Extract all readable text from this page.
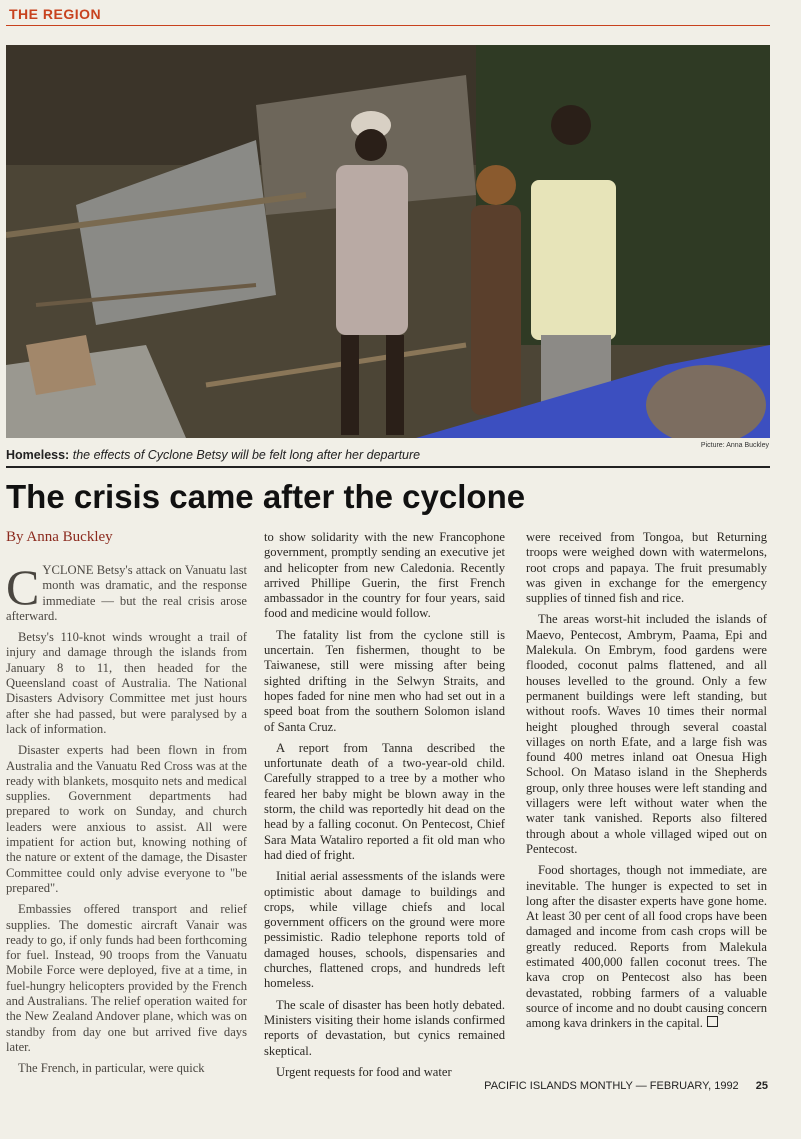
THE REGION
Picture: Anna Buckley
Homeless: the effects of Cyclone Betsy will be felt long after her departure
The crisis came after the cyclone
By Anna Buckley

CYCLONE Betsy's attack on Vanuatu last month was dramatic, and the response immediate — but the real crisis arose afterward.

Betsy's 110-knot winds wrought a trail of injury and damage through the islands from January 8 to 11, then headed for the Queensland coast of Australia. The National Disasters Advisory Committee met just hours after she had passed, but were paralysed by a lack of information.

Disaster experts had been flown in from Australia and the Vanuatu Red Cross was at the ready with blankets, mosquito nets and medical supplies. Government departments had prepared to work on Sunday, and church leaders were anxious to assist. All were impatient for action but, knowing nothing of the nature or extent of the damage, the Disaster Committee could only advise everyone to "be prepared".

Embassies offered transport and relief supplies. The domestic aircraft Vanair was ready to go, if only funds had been forthcoming for fuel. Instead, 90 troops from the Vanuatu Mobile Force were deployed, five at a time, in fuel-hungry helicopters provided by the French and Australians. The relief operation waited for the New Zealand Andover plane, which was on standby from day one but arrived five days later.

The French, in particular, were quick

to show solidarity with the new Francophone government, promptly sending an executive jet and helicopter from new Caledonia. Recently arrived Phillipe Guerin, the first French ambassador in the country for four years, said food and medicine would follow.

The fatality list from the cyclone still is uncertain. Ten fishermen, thought to be Taiwanese, still were missing after being sighted drifting in the Selwyn Straits, and hopes faded for nine men who had set out in a speed boat from the southern Solomon island of Santa Cruz.

A report from Tanna described the unfortunate death of a two-year-old child. Carefully strapped to a tree by a mother who feared her baby might be blown away in the storm, the child was reportedly hit dead on the head by a falling coconut. On Pentecost, Chief Sara Mata Wataliro reported a fit old man who had died of fright.

Initial aerial assessments of the islands were optimistic about damage to buildings and crops, while village chiefs and local government officers on the ground were more pessimistic. Radio telephone reports told of damaged houses, schools, dispensaries and churches, flattened crops, and hundreds left homeless.

The scale of disaster has been hotly debated. Ministers visiting their home islands confirmed reports of devastation, but cynics remained skeptical.

Urgent requests for food and water

were received from Tongoa, but Returning troops were weighed down with watermelons, root crops and papaya. The fruit presumably was given in exchange for the emergency supplies of tinned fish and rice.

The areas worst-hit included the islands of Maevo, Pentecost, Ambrym, Paama, Epi and Malekula. On Embrym, food gardens were flooded, coconut palms flattened, and all houses levelled to the ground. Only a few permanent buildings were left standing, but without roofs. Waves 10 times their normal height ploughed through several coastal villages on north Efate, and a large fish was found 400 metres inland oat Onesua High School. On Mataso island in the Shepherds group, only three houses were left standing and villagers were left without water when the water tank vanished. Reports also filtered through about a whole villaged wiped out on Pentecost.

Food shortages, though not immediate, are inevitable. The hunger is expected to set in long after the disaster experts have gone home. At least 30 per cent of all food crops have been damaged and income from cash crops will be greatly reduced. Reports from Malekula estimated 400,000 fallen coconut trees. The kava crop on Pentecost also has been devastated, robbing farmers of a valuable source of income and no doubt causing concern among kava drinkers in the capital.

PACIFIC ISLANDS MONTHLY — FEBRUARY, 1992 25
